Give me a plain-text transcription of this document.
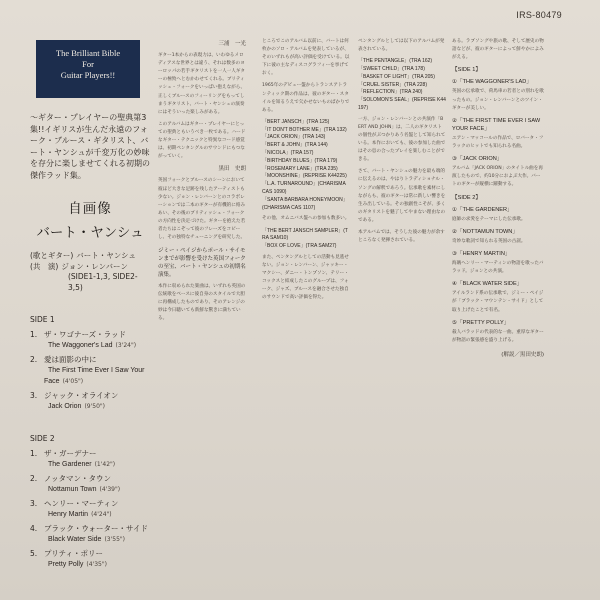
IRS-80479
The Brilliant Bible
For
Guitar Players!!
〜ギター・プレイヤーの聖典第3集!!イギリスが生んだ永遠のフォーク・ブルース・ギタリスト、バート・ヤンシュが千変万化の妙味を存分に楽しませてくれる初期の傑作ラッド集。
自画像
バート・ヤンシュ
(歌とギター) バート・ヤンシュ
(共　演) ジョン・レンバーン
(SIDE1-1,3, SIDE2-3,5)
SIDE 1
1. ザ・ワゴナーズ・ラッド
The Waggoner's Lad (3'24")
2. 愛は面影の中に
The First Time Ever I Saw Your Face (4'05")
3. ジャック・オライオン
Jack Orion (9'50")
SIDE 2
1. ザ・ガーデナー
The Gardener (1'42")
2. ノッタマン・タウン
Nottamun Town (4'39")
3. ヘンリー・マーティン
Henry Martin (4'24")
4. ブラック・ウォーター・サイド
Black Water Side (3'55")
5. プリティ・ポリー
Pretty Polly (4'35")
三浦　一光

ギター1本からの表現力は、いわゆるメロディアスな世界とは違う、それは数多のヨーロッパの若手ギタリストを一人一人ギターの極致へとむかわせてくれる。ブリティッシュ・フォークをいっぱい抱えながら、正しくブルースのフィーリングをもってしまうギタリスト、バート・ヤンシュの演奏にはそういった楽しみがある。

このアルバムはギター・プレイヤーにとっての聖典ともいうべき一枚である。ハードなギター・テクニックと特異なコード感覚は、初期ペンタングルのサウンドにもつながっていく。

黒田　史朗

英国フォークとブルースのシーンにおいて彼ほど大きな足跡を残したアーティストも少ない。ジョン・レンバーンとのコラボレーションでは二本のギターが有機的に絡みあい、その後のブリティッシュ・フォークの方向性を決定づけた。ギターを抱えた若者たちはこぞって彼のフレーズをコピーし、その独特なチューニングを研究した。

ジミー・ペイジからポール・サイモンまでが影響を受けた英国フォークの至宝、バート・ヤンシュの初期名演集。

本作に収められた楽曲は、いずれも英国の伝統歌をベースに彼自身のスタイルで大胆に再構成したものであり、そのアレンジの妙は今日聴いても新鮮な驚きに満ちている。

ところでこのアルバム以前に、バートは何枚かのソロ・アルバムを発表しているが、そのいずれもが高い評価を受けている。以下に彼の主なディスコグラフィーを挙げておく。

1965年のデビュー盤からトランスアトランティック期の作品は、彼のギター・スタイルを知るうえで欠かせないものばかりである。

「BERT JANSCH」(TRA 125)
「IT DON'T BOTHER ME」(TRA 132)
「JACK ORION」(TRA 143)
「BERT & JOHN」(TRA 144)
「NICOLA」(TRA 157)
「BIRTHDAY BLUES」(TRA 179)
「ROSEMARY LANE」(TRA 235)
「MOONSHINE」(REPRISE K44225)
「L.A. TURNAROUND」(CHARISMA CAS 1090)
「SANTA BARBARA HONEYMOON」(CHARISMA CAS 1107)

その他、オムニバス盤への参加も数多い。

「THE BERT JANSCH SAMPLER」(TRA SAM10)
「BOX OF LOVE」(TRA SAM27)

また、ペンタングルとしての活動も見逃せない。ジョン・レンバーン、ジャッキー・マクシー、ダニー・トンプソン、テリー・コックスと結成したこのグループは、フォーク、ジャズ、ブルースを融合させた独自のサウンドで高い評価を得た。

ペンタングルとしては以下のアルバムが発表されている。

「THE PENTANGLE」(TRA 162)
「SWEET CHILD」(TRA 178)
「BASKET OF LIGHT」(TRA 205)
「CRUEL SISTER」(TRA 228)
「REFLECTION」(TRA 240)
「SOLOMON'S SEAL」(REPRISE K44197)

一方、ジョン・レンバーンとの共演作「BERT AND JOHN」は、二人のギタリストの個性がぶつかりあう名盤として知られている。本作においても、彼の参加した曲ではその息の合ったプレイを楽しむことができる。

さて、バート・ヤンシュの魅力を最も端的に伝えるのは、やはりトラディショナル・ソングの解釈であろう。伝承歌を素材にしながらも、彼のギターは常に新しい響きを生み出している。その独創性こそが、多くのギタリストを魅了してやまない理由なのである。

本アルバムでは、そうした彼の魅力が余すところなく発揮されている。

ある。ラブソングや旅の歌、そして歴史の物語などが、彼のギターによって鮮やかによみがえる。

【SIDE 1】
①「THE WAGGONER'S LAD」

英国の伝承歌で、荷馬車の若者との別れを歌ったもの。ジョン・レンバーンとのツイン・ギターが美しい。

②「THE FIRST TIME EVER I SAW YOUR FACE」

ユアン・マッコールの作品で、ロバータ・フラックのヒットでも知られる名曲。

③「JACK ORION」

アルバム「JACK ORION」のタイトル曲を再演したもので、約10分におよぶ大作。バートのギターが縦横に躍動する。

【SIDE 2】
①「THE GARDENER」

庭師の求愛をテーマにした伝承歌。

②「NOTTAMUN TOWN」

奇妙な歌詞で知られる英国の古謡。

③「HENRY MARTIN」

海賊ヘンリー・マーティンの物語を歌ったバラッド。ジョンとの共演。

④「BLACK WATER SIDE」

アイルランド系の伝承歌で、ジミー・ペイジが「ブラック・マウンテン・サイド」として取り上げたことで有名。

⑤「PRETTY POLLY」

殺人バラッドの代表的な一曲。重厚なギターが物語の緊張感を盛り上げる。

(解説／黒田史朗)
